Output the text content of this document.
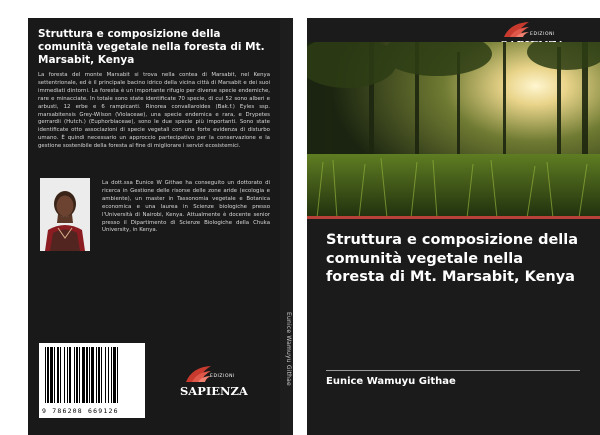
Struttura e composizione della comunità vegetale nella foresta di Mt. Marsabit, Kenya
La foresta del monte Marsabit si trova nella contea di Marsabit, nel Kenya settentrionale, ed è il principale bacino idrico della vicina città di Marsabit e dei suoi immediati dintorni. La foresta è un importante rifugio per diverse specie endemiche, rare e minacciate. In totale sono state identificate 70 specie, di cui 52 sono alberi e arbusti, 12 erbe e 6 rampicanti. Rinorea convallaroides (Bak.f.) Eyles ssp. marsabitensis Grey-Wilson (Violaceae), una specie endemica e rara, e Drypetes gerrardii (Hutch.) (Euphorbiaceae), sono le due specie più importanti. Sono state identificate otto associazioni di specie vegetali con una forte evidenza di disturbo umano. È quindi necessario un approccio partecipativo per la conservazione e la gestione sostenibile della foresta al fine di migliorare i servizi ecosistemici.
La dott.ssa Eunice W Githae ha conseguito un dottorato di ricerca in Gestione delle risorse delle zone aride (ecologia e ambiente), un master in Tassonomia vegetale e Botanica economica e una laurea in Scienze biologiche presso l'Università di Nairobi, Kenya. Attualmente è docente senior presso il Dipartimento di Scienze Biologiche della Chuka University, in Kenya.
9 786208 669126
EDIZIONI
SAPIENZA
Eunice Wamuyu Githae
EDIZIONI
Struttura e composizione della comunità vegetale nella foresta di Mt. Marsabit, Kenya
Eunice Wamuyu Githae
